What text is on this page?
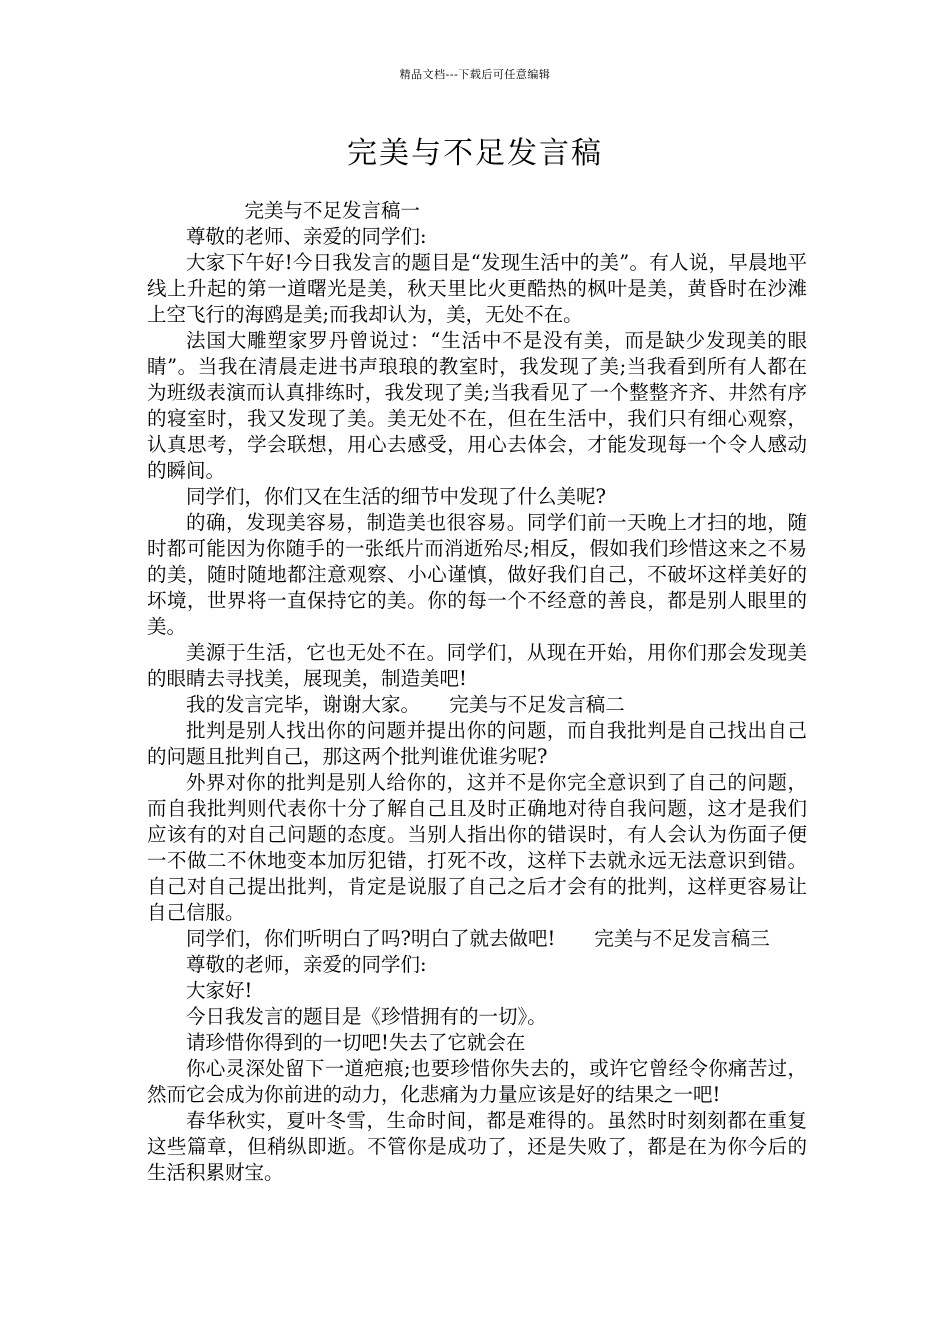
精品文档---下载后可任意编辑
完美与不足发言稿

完美与不足发言稿一

尊敬的老师、亲爱的同学们:

大家下午好!今日我发言的题目是“发现生活中的美”。有人说，早晨地平线上升起的第一道曙光是美，秋天里比火更酷热的枫叶是美，黄昏时在沙滩上空飞行的海鸥是美;而我却认为，美，无处不在。

法国大雕塑家罗丹曾说过：“生活中不是没有美，而是缺少发现美的眼睛”。当我在清晨走进书声琅琅的教室时，我发现了美;当我看到所有人都在为班级表演而认真排练时，我发现了美;当我看见了一个整整齐齐、井然有序的寝室时，我又发现了美。美无处不在，但在生活中，我们只有细心观察，认真思考，学会联想，用心去感受，用心去体会，才能发现每一个令人感动的瞬间。

同学们，你们又在生活的细节中发现了什么美呢?

的确，发现美容易，制造美也很容易。同学们前一天晚上才扫的地，随时都可能因为你随手的一张纸片而消逝殆尽;相反，假如我们珍惜这来之不易的美，随时随地都注意观察、小心谨慎，做好我们自己，不破坏这样美好的坏境，世界将一直保持它的美。你的每一个不经意的善良，都是别人眼里的美。

美源于生活，它也无处不在。同学们，从现在开始，用你们那会发现美的眼睛去寻找美，展现美，制造美吧!

我的发言完毕，谢谢大家。　　完美与不足发言稿二

批判是别人找出你的问题并提出你的问题，而自我批判是自己找出自己的问题且批判自己，那这两个批判谁优谁劣呢?

外界对你的批判是别人给你的，这并不是你完全意识到了自己的问题，而自我批判则代表你十分了解自己且及时正确地对待自我问题，这才是我们应该有的对自己问题的态度。当别人指出你的错误时，有人会认为伤面子便一不做二不休地变本加厉犯错，打死不改，这样下去就永远无法意识到错。自己对自己提出批判，肯定是说服了自己之后才会有的批判，这样更容易让自己信服。

同学们，你们听明白了吗?明白了就去做吧!　　完美与不足发言稿三

尊敬的老师，亲爱的同学们:

大家好!

今日我发言的题目是《珍惜拥有的一切》。

请珍惜你得到的一切吧!失去了它就会在

你心灵深处留下一道疤痕;也要珍惜你失去的，或许它曾经令你痛苦过，然而它会成为你前进的动力，化悲痛为力量应该是好的结果之一吧!

春华秋实，夏叶冬雪，生命时间，都是难得的。虽然时时刻刻都在重复这些篇章，但稍纵即逝。不管你是成功了，还是失败了，都是在为你今后的生活积累财宝。
